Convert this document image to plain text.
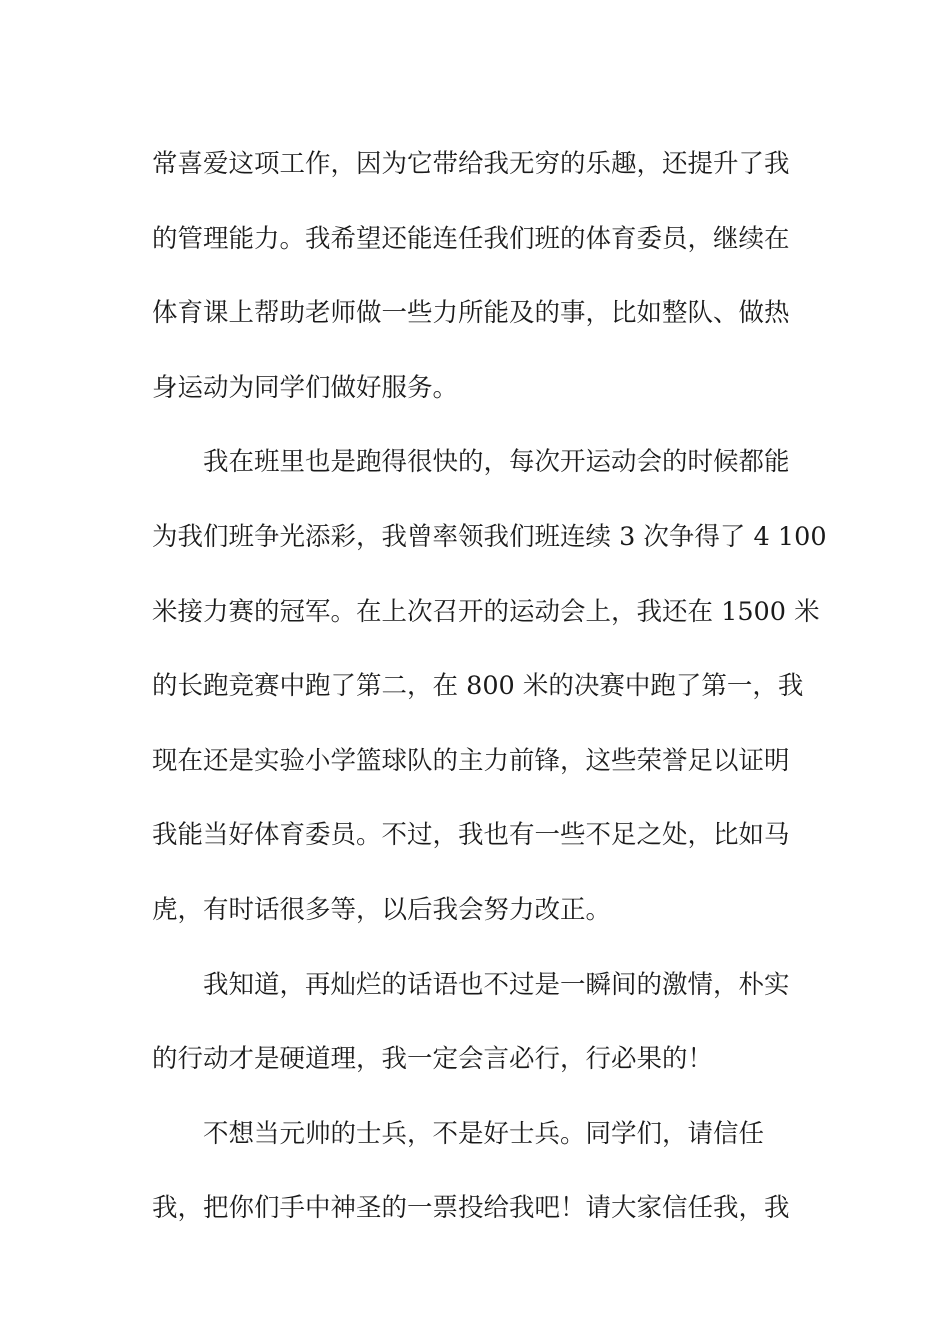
常喜爱这项工作，因为它带给我无穷的乐趣，还提升了我
的管理能力。我希望还能连任我们班的体育委员，继续在
体育课上帮助老师做一些力所能及的事，比如整队、做热
身运动为同学们做好服务。
我在班里也是跑得很快的，每次开运动会的时候都能
为我们班争光添彩，我曾率领我们班连续 3 次争得了 4 100
米接力赛的冠军。在上次召开的运动会上，我还在 1500 米
的长跑竞赛中跑了第二，在 800 米的决赛中跑了第一，我
现在还是实验小学篮球队的主力前锋，这些荣誉足以证明
我能当好体育委员。不过，我也有一些不足之处，比如马
虎，有时话很多等，以后我会努力改正。
我知道，再灿烂的话语也不过是一瞬间的激情，朴实
的行动才是硬道理，我一定会言必行，行必果的！
不想当元帅的士兵，不是好士兵。同学们，请信任
我，把你们手中神圣的一票投给我吧！请大家信任我，我
